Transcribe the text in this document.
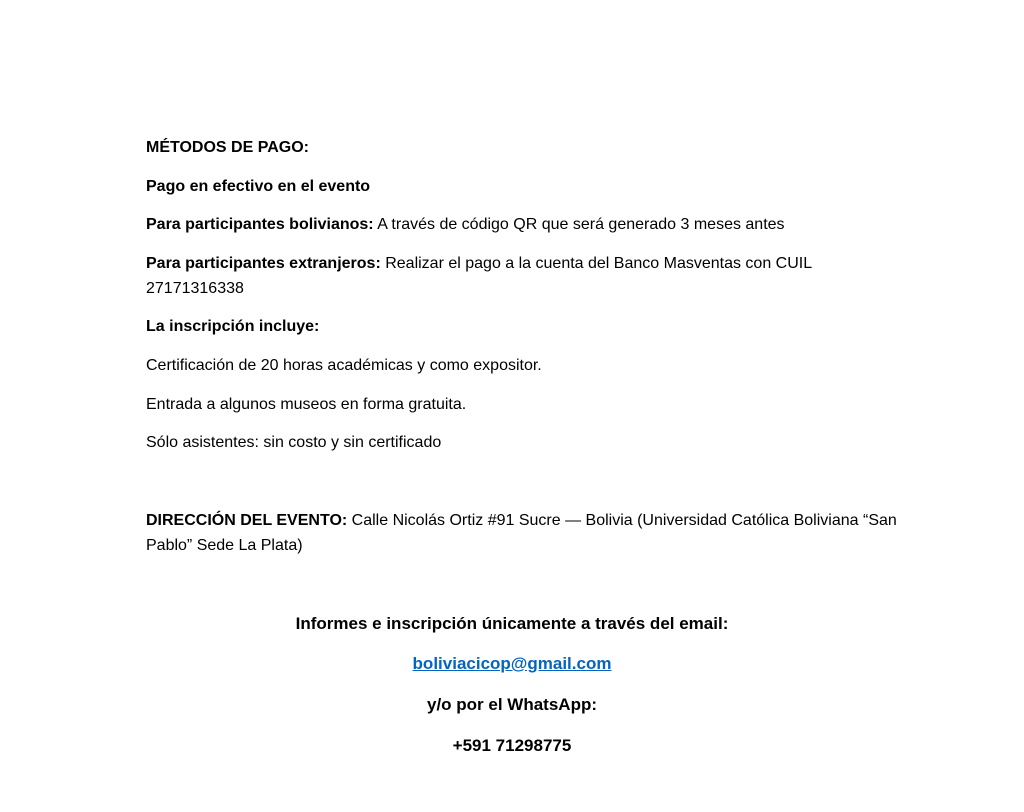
MÉTODOS DE PAGO:
Pago en efectivo en el evento
Para participantes bolivianos: A través de código QR que será generado 3 meses antes
Para participantes extranjeros: Realizar el pago a la cuenta del Banco Masventas con CUIL
27171316338
La inscripción incluye:
Certificación de 20 horas académicas y como expositor.
Entrada a algunos museos en forma gratuita.
Sólo asistentes: sin costo y sin certificado
DIRECCIÓN DEL EVENTO: Calle Nicolás Ortiz #91 Sucre — Bolivia (Universidad Católica Boliviana “San
Pablo” Sede La Plata)
Informes e inscripción únicamente a través del email:
boliviacicop@gmail.com
y/o por el WhatsApp:
+591 71298775
